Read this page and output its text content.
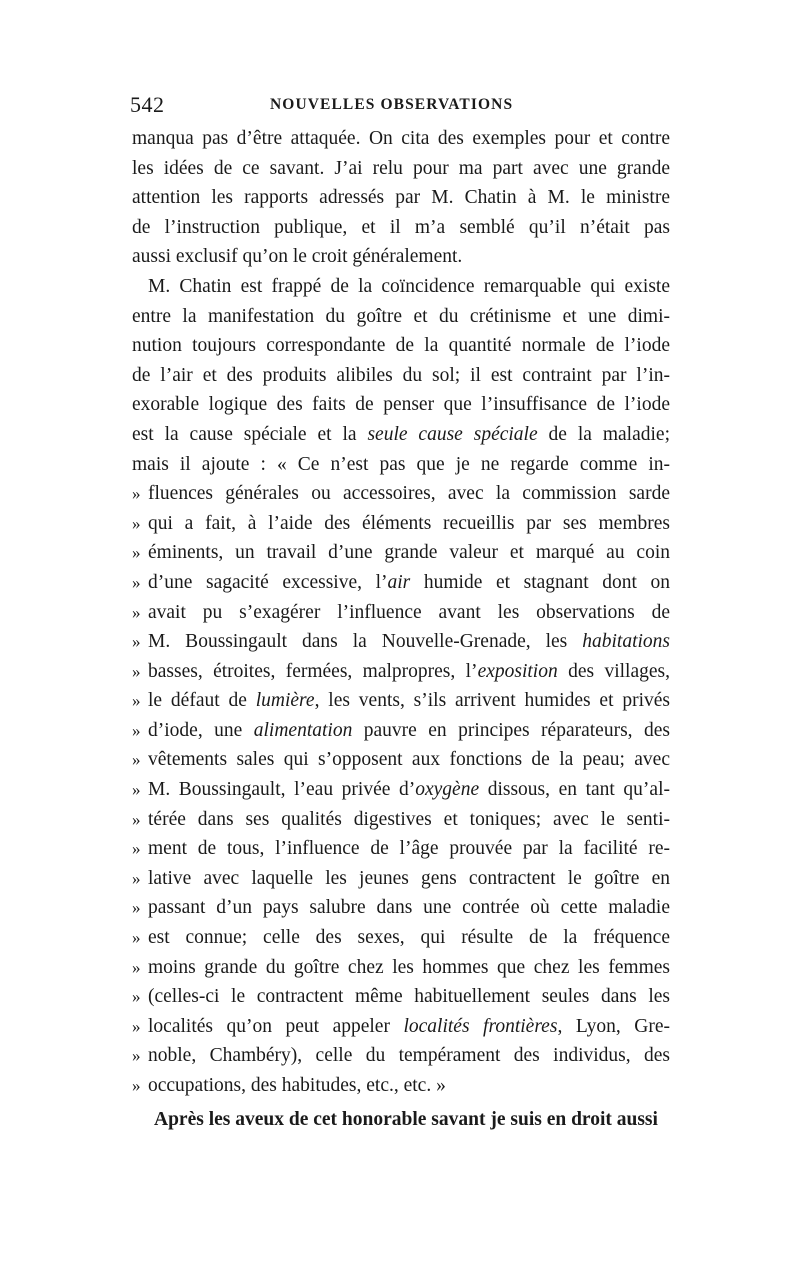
542	NOUVELLES OBSERVATIONS
manqua pas d’être attaquée. On cita des exemples pour et contre
les idées de ce savant. J’ai relu pour ma part avec une grande
attention les rapports adressés par M. Chatin à M. le ministre
de l’instruction publique, et il m’a semblé qu’il n’était pas
aussi exclusif qu’on le croit généralement.
M. Chatin est frappé de la coïncidence remarquable qui existe
entre la manifestation du goître et du crétinisme et une dimi-
nution toujours correspondante de la quantité normale de l’iode
de l’air et des produits alibiles du sol; il est contraint par l’in-
exorable logique des faits de penser que l’insuffisance de l’iode
est la cause spéciale et la seule cause spéciale de la maladie;
mais il ajoute : « Ce n’est pas que je ne regarde comme in-
» fluences générales ou accessoires, avec la commission sarde
» qui a fait, à l’aide des éléments recueillis par ses membres
» éminents, un travail d’une grande valeur et marqué au coin
» d’une sagacité excessive, l’air humide et stagnant dont on
» avait pu s’exagérer l’influence avant les observations de
» M. Boussingault dans la Nouvelle-Grenade, les habitations
» basses, étroites, fermées, malpropres, l’exposition des villages,
» le défaut de lumière, les vents, s’ils arrivent humides et privés
» d’iode, une alimentation pauvre en principes réparateurs, des
» vêtements sales qui s’opposent aux fonctions de la peau; avec
» M. Boussingault, l’eau privée d’oxygène dissous, en tant qu’al-
» térée dans ses qualités digestives et toniques; avec le senti-
» ment de tous, l’influence de l’âge prouvée par la facilité re-
» lative avec laquelle les jeunes gens contractent le goître en
» passant d’un pays salubre dans une contrée où cette maladie
» est connue; celle des sexes, qui résulte de la fréquence
» moins grande du goître chez les hommes que chez les femmes
» (celles-ci le contractent même habituellement seules dans les
» localités qu’on peut appeler localités frontières, Lyon, Gre-
» noble, Chambéry), celle du tempérament des individus, des
» occupations, des habitudes, etc., etc. »
Après les aveux de cet honorable savant je suis en droit aussi
